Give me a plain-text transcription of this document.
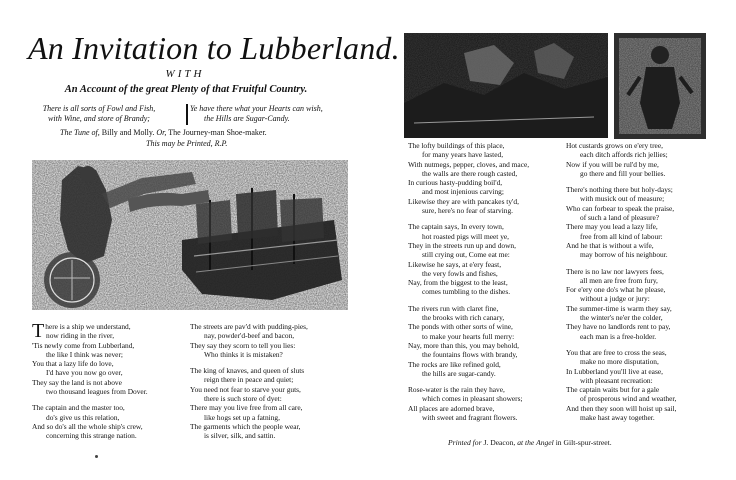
An Invitation to Lubberland.
WITH
An Account of the great Plenty of that Fruitful Country.
There is all sorts of Fowl and Fish,
with Wine, and store of Brandy;
Ye have there what your Hearts can wish,
the Hills are Sugar-Candy.
The Tune of, Billy and Molly. Or, The Journey-man Shoe-maker.
This may be Printed, R.P.
There is a ship we understand,
now riding in the river,
'Tis newly come from Lubberland,
the like I think was never;
You that a lazy life do love,
I'd have you now go over,
They say the land is not above
two thousand leagues from Dover.
The captain and the master too,
do's give us this relation,
And so do's all the whole ship's crew,
concerning this strange nation.
The streets are pav'd with pudding-pies,
nay, powder'd-beef and bacon,
They say they scorn to tell you lies:
Who thinks it is mistaken?
The king of knaves, and queen of sluts
reign there in peace and quiet;
You need not fear to starve your guts,
there is such store of dyet:
There may you live free from all care,
like hogs set up a fatning,
The garments which the people wear,
is silver, silk, and sattin.
The lofty buildings of this place,
for many years have lasted,
With nutmegs, pepper, cloves, and mace,
the walls are there rough casted,
In curious hasty-pudding boil'd,
and most injenious carving;
Likewise they are with pancakes ty'd,
sure, here's no fear of starving.
The captain says, In every town,
hot roasted pigs will meet ye,
They in the streets run up and down,
still crying out, Come eat me:
Likewise he says, at e'ery feast,
the very fowls and fishes,
Nay, from the biggest to the least,
comes tumbling to the dishes.
The rivers run with claret fine,
the brooks with rich canary,
The ponds with other sorts of wine,
to make your hearts full merry:
Nay, more than this, you may behold,
the fountains flows with brandy,
The rocks are like refined gold,
the hills are sugar-candy.
Rose-water is the rain they have,
which comes in pleasant showers;
All places are adorned brave,
with sweet and fragrant flowers.
Hot custards grows on e'ery tree,
each ditch affords rich jellies;
Now if you will be rul'd by me,
go there and fill your bellies.
There's nothing there but holy-days;
with musick out of measure;
Who can forbear to speak the praise,
of such a land of pleasure?
There may you lead a lazy life,
free from all kind of labour:
And he that is without a wife,
may borrow of his neighbour.
There is no law nor lawyers fees,
all men are free from fury,
For e'ery one do's what he please,
without a judge or jury:
The summer-time is warm they say,
the winter's ne'er the colder,
They have no landlords rent to pay,
each man is a free-holder.
You that are free to cross the seas,
make no more disputation,
In Lubberland you'll live at ease,
with pleasant recreation:
The captain waits but for a gale
of prosperous wind and weather,
And then they soon will hoist up sail,
make hast away together.
Printed for J. Deacon, at the Angel in Gilt-spur-street.
